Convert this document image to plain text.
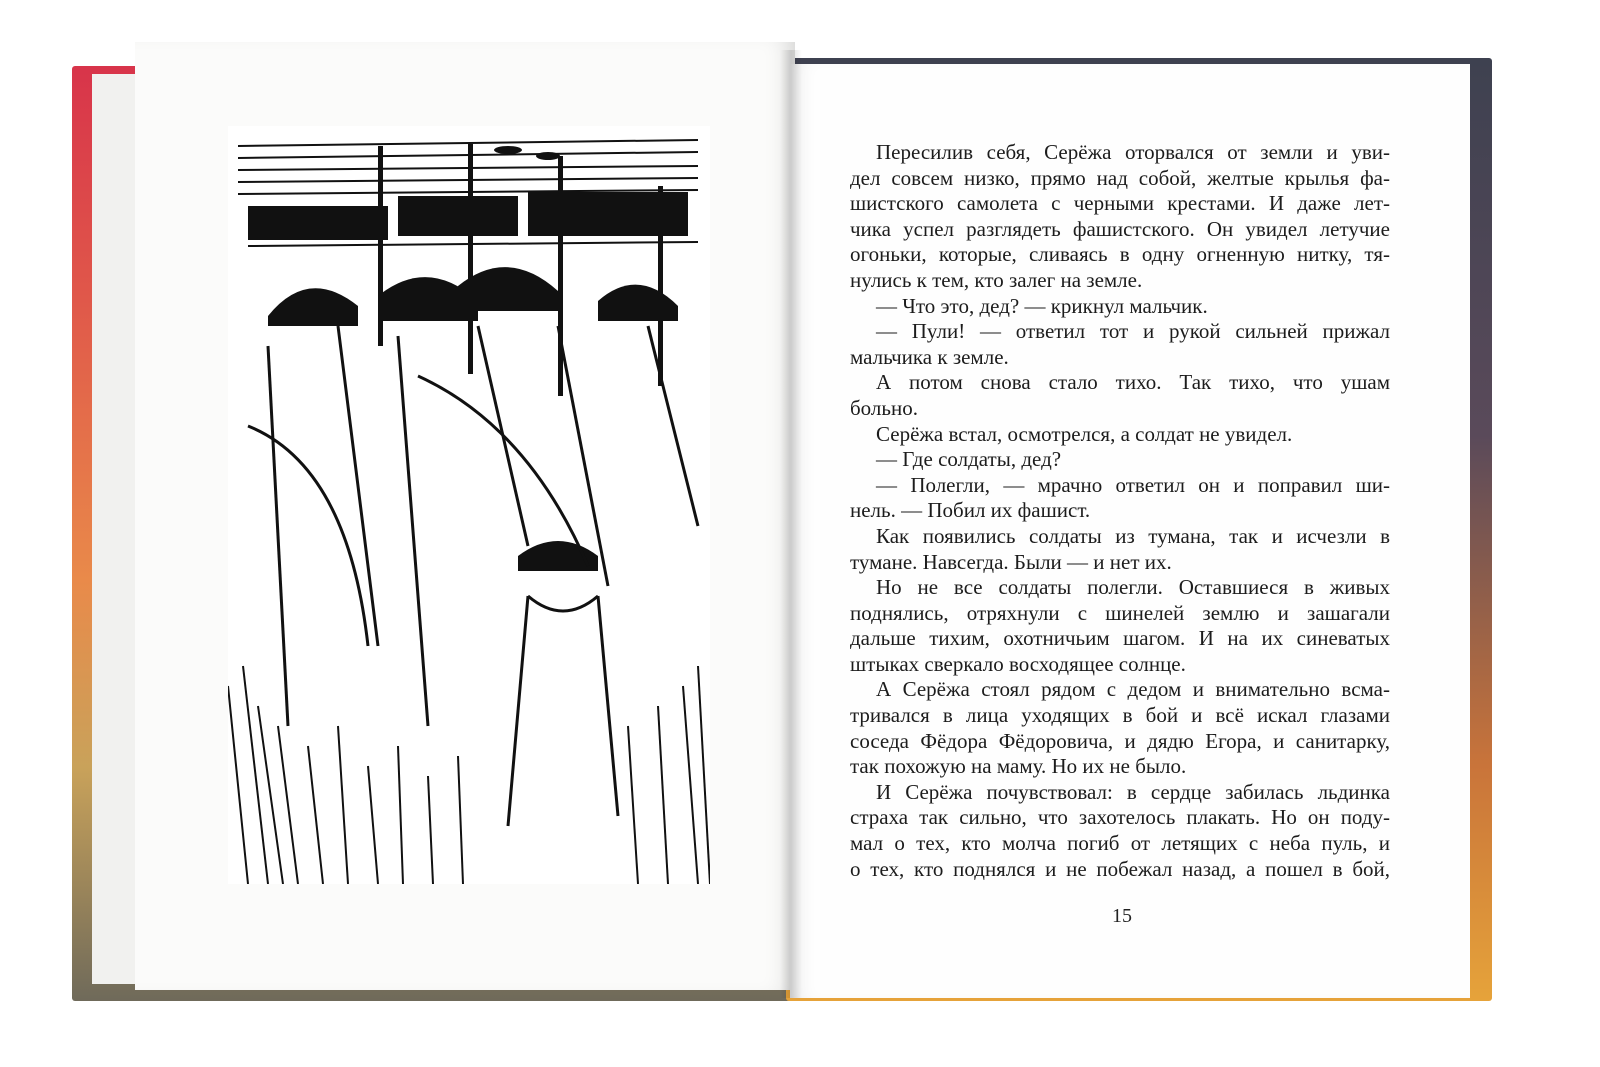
Пересилив себя, Серёжа оторвался от земли и уви-
дел совсем низко, прямо над собой, желтые крылья фа-
шистского самолета с черными крестами. И даже лет-
чика успел разглядеть фашистского. Он увидел летучие
огоньки, которые, сливаясь в одну огненную нитку, тя-
нулись к тем, кто залег на земле.
— Что это, дед? — крикнул мальчик.
— Пули! — ответил тот и рукой сильней прижал
мальчика к земле.
А потом снова стало тихо. Так тихо, что ушам
больно.
Серёжа встал, осмотрелся, а солдат не увидел.
— Где солдаты, дед?
— Полегли, — мрачно ответил он и поправил ши-
нель. — Побил их фашист.
Как появились солдаты из тумана, так и исчезли в
тумане. Навсегда. Были — и нет их.
Но не все солдаты полегли. Оставшиеся в живых
поднялись, отряхнули с шинелей землю и зашагали
дальше тихим, охотничьим шагом. И на их синеватых
штыках сверкало восходящее солнце.
А Серёжа стоял рядом с дедом и внимательно всма-
тривался в лица уходящих в бой и всё искал глазами
соседа Фёдора Фёдоровича, и дядю Егора, и санитарку,
так похожую на маму. Но их не было.
И Серёжа почувствовал: в сердце забилась льдинка
страха так сильно, что захотелось плакать. Но он поду-
мал о тех, кто молча погиб от летящих с неба пуль, и
о тех, кто поднялся и не побежал назад, а пошел в бой,
15
